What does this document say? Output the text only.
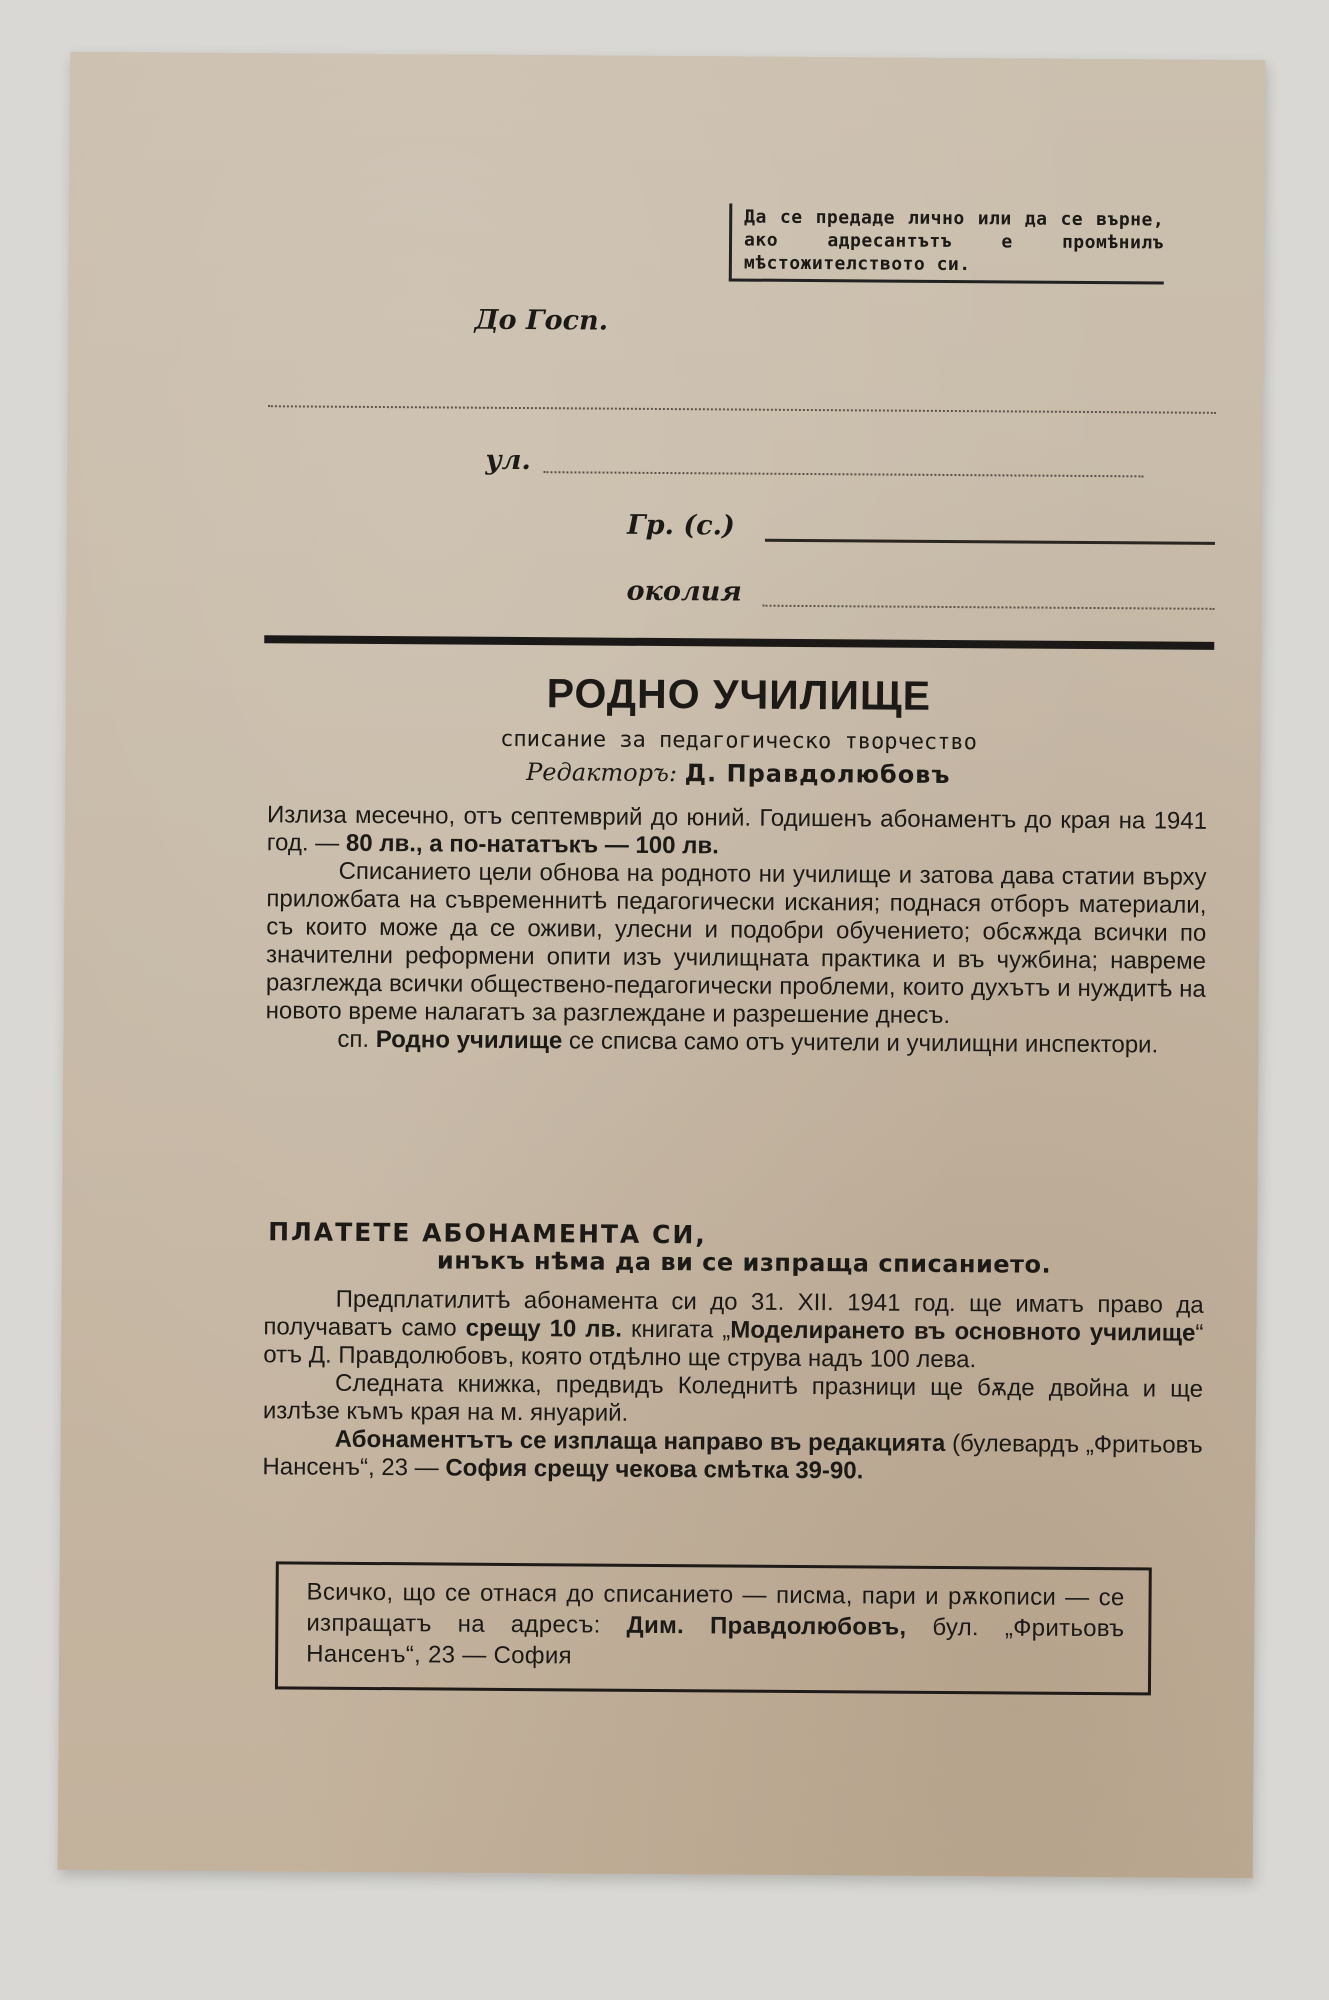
Да се предаде лично или да се върне, ако адресантътъ е промѣнилъ мѣстожителството си.
До Госп.
ул.
Гр. (с.)
околия
РОДНО УЧИЛИЩЕ
списание за педагогическо творчество
Редакторъ: Д. Правдолюбовъ

Излиза месечно, отъ септемврий до юний. Годишенъ абонаментъ до края на 1941 год. — 80 лв., а по-нататъкъ — 100 лв.

Списанието цели обнова на родното ни училище и затова дава статии върху приложбата на съвременнитѣ педагогически искания; поднася отборъ материали, съ които може да се оживи, улесни и подобри обучението; обсѫжда всички по значителни реформени опити изъ училищната практика и въ чужбина; навреме разглежда всички обществено-педагогически проблеми, които духътъ и нуждитѣ на новото време налагатъ за разглеждане и разрешение днесъ.

сп. Родно училище се списва само отъ учители и училищни инспектори.

ПЛАТЕТЕ АБОНАМЕНТА СИ,
инъкъ нѣма да ви се изпраща списанието.

Предплатилитѣ абонамента си до 31. XII. 1941 год. ще иматъ право да получаватъ само срещу 10 лв. книгата „Моделирането въ основното училище“ отъ Д. Правдолюбовъ, която отдѣлно ще струва надъ 100 лева.

Следната книжка, предвидъ Коледнитѣ празници ще бѫде двойна и ще излѣзе къмъ края на м. януарий.

Абонаментътъ се изплаща направо въ редакцията (булевардъ „Фритьовъ Нансенъ“, 23 — София срещу чекова смѣтка 39-90.

Всичко, що се отнася до списанието — писма, пари и рѫкописи — се изпращатъ на адресъ: Дим. Правдолюбовъ, бул. „Фритьовъ Нансенъ“, 23 — София
